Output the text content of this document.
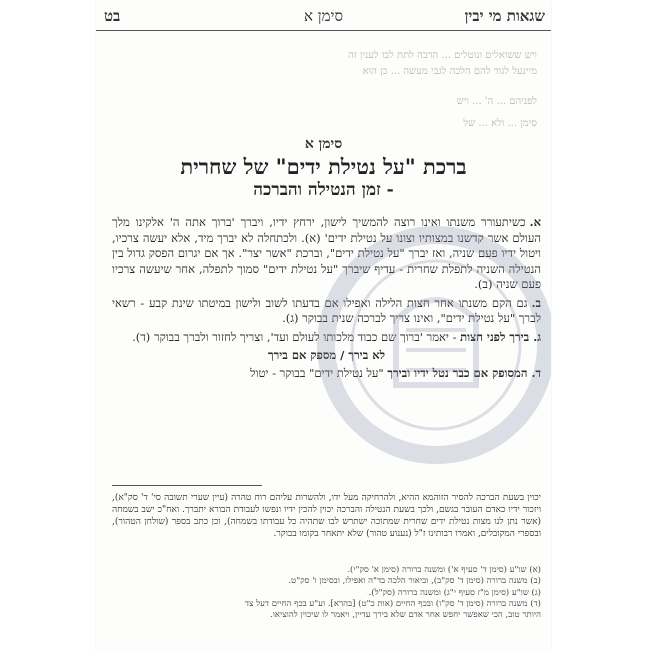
שגאות מי יבין
סימן א
בט
ויש ששואלים ונוטלים ... הרבה לתת לבו לענין זה
מיינעל לגוד להם הלכה לגבי מעשה ... כן הוא
לפניהם ... ה' ... ויש
סימן ... ולא ... של
סימן א
ברכת "על נטילת ידים" של שחרית
- זמן הנטילה והברכה

א.כשיתעורר משנתו ואינו רוצה להמשיך לישון, ירחץ ידיו, ויברך 'ברוך אתה ה' אלקינו מלך העולם אשר קדשנו במצותיו וצונו על נטילת ידים' (א). ולכתחלה לא יברך מיד, אלא יעשה צרכיו, ויטול ידיו פעם שניה, ואז יברך "על נטילת ידים", וברכת "אשר יצר". אך אם יגרום הפסק גדול בין הנטילה השניה לתפלת שחרית - עדיף שיברך "על נטילת ידים" סמוך לתפלה, אחר שיעשה צרכיו פעם שניה (ב).

ב.גם הקם משנתו אחר חצות הלילה ואפילו אם בדעתו לשוב ולישון במיטתו שינת קבע - רשאי לברך "על נטילת ידים", ואינו צריך לברכה שנית בבוקר (ג).

ג.בירך לפני חצות - יאמר 'ברוך שם כבוד מלכותו לעולם ועד', וצריך לחזור ולברך בבוקר (ד).

לא בירך / מספק אם בירך

ד.המסופק אם כבר נטל ידיו ובירך "על נטילת ידים" בבוקר - יטול

יכוין בשעת הברכה להסיר הזוהמא ההיא, ולהרחיקה מעל ידו, ולהשרות עליהם רוח טהרה (עיין שערי תשובה סי' ד' סק"א), ויזכור ידיו כאדם העובר בגשם, ולכך בשעת הנטילה והברכה יכוין להכין ידיו ונפשו לעבודת הבורא יתברך. ואח"כ ישב בשמחה (אשר נתן לנו מצות נטילת ידים שחרית שמתוכה ישתרש לבו שתהיה כל עבודתו בשמחה), וכן כתב בספר (שולחן הטהור), ובספרי המקובלים, ואמרו רבותינו ז"ל (נענוע טהור) שלא יתאחר בקומו בבוקר.
(א) שו"ע (סימן ד' סעיף א') ומשנה ברורה (סימן א' סק"י).
(ב) משנה ברורה (סימן ד' סק"ב), וביאור הלכה בד"ה ואפילו, ובסימן ו' סק"ט.
(ג) שו"ע (סימן מ"ז סעיף י"ג) ומשנה ברורה (סק"ל).
(ד) משנה ברורה (סימן ד' סק"ו) ובכף החיים (אות כ"ט) [בהרא]. וע"ע בכף החיים דעל צד
היותר טוב, הכי שאפשר יחפש אחר אדם שלא בירך עדיין, ויאמר לו שיכוין להוציאו.
